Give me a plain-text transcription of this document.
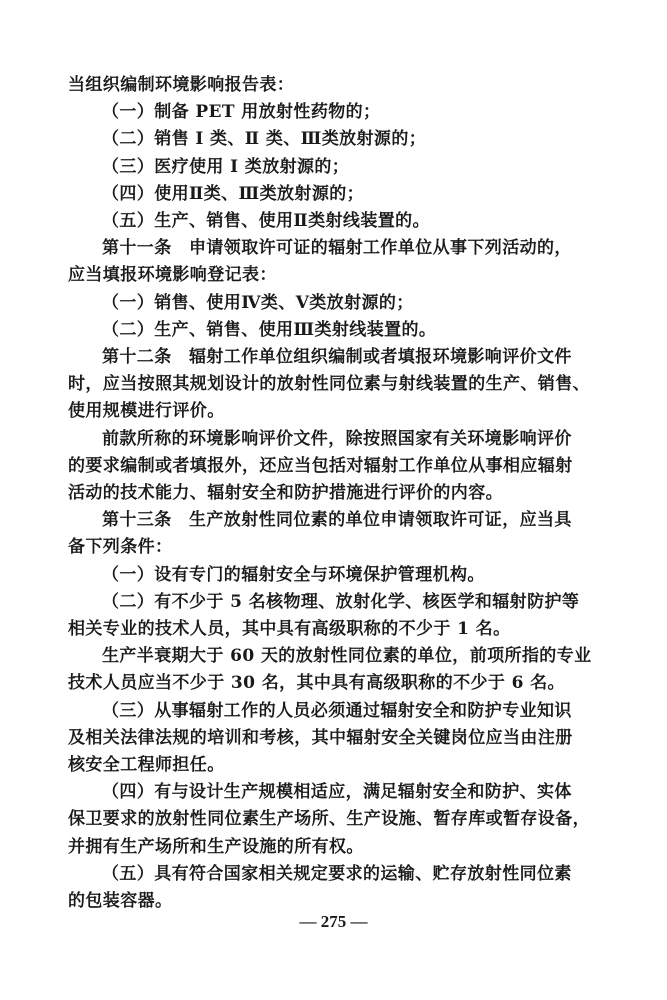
当组织编制环境影响报告表：
（一）制备 PET 用放射性药物的；
（二）销售 Ⅰ 类、Ⅱ 类、Ⅲ类放射源的；
（三）医疗使用 Ⅰ 类放射源的；
（四）使用Ⅱ类、Ⅲ类放射源的；
（五）生产、销售、使用Ⅱ类射线装置的。
第十一条　申请领取许可证的辐射工作单位从事下列活动的，
应当填报环境影响登记表：
（一）销售、使用Ⅳ类、Ⅴ类放射源的；
（二）生产、销售、使用Ⅲ类射线装置的。
第十二条　辐射工作单位组织编制或者填报环境影响评价文件
时，应当按照其规划设计的放射性同位素与射线装置的生产、销售、
使用规模进行评价。
前款所称的环境影响评价文件，除按照国家有关环境影响评价
的要求编制或者填报外，还应当包括对辐射工作单位从事相应辐射
活动的技术能力、辐射安全和防护措施进行评价的内容。
第十三条　生产放射性同位素的单位申请领取许可证，应当具
备下列条件：
（一）设有专门的辐射安全与环境保护管理机构。
（二）有不少于 5 名核物理、放射化学、核医学和辐射防护等
相关专业的技术人员，其中具有高级职称的不少于 1 名。
生产半衰期大于 60 天的放射性同位素的单位，前项所指的专业
技术人员应当不少于 30 名，其中具有高级职称的不少于 6 名。
（三）从事辐射工作的人员必须通过辐射安全和防护专业知识
及相关法律法规的培训和考核，其中辐射安全关键岗位应当由注册
核安全工程师担任。
（四）有与设计生产规模相适应，满足辐射安全和防护、实体
保卫要求的放射性同位素生产场所、生产设施、暂存库或暂存设备，
并拥有生产场所和生产设施的所有权。
（五）具有符合国家相关规定要求的运输、贮存放射性同位素
的包装容器。
— 275 —
